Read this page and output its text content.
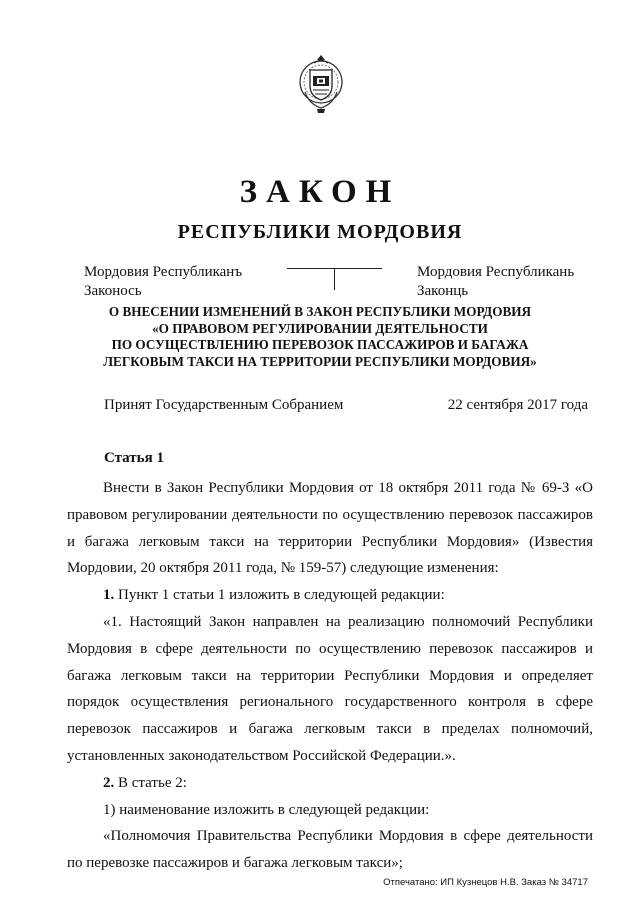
ЗАКОН
РЕСПУБЛИКИ МОРДОВИЯ
Мордовия Республиканъ
Законось
Мордовия Республикань
Законць
О ВНЕСЕНИИ ИЗМЕНЕНИЙ В ЗАКОН РЕСПУБЛИКИ МОРДОВИЯ
«О ПРАВОВОМ РЕГУЛИРОВАНИИ ДЕЯТЕЛЬНОСТИ
ПО ОСУЩЕСТВЛЕНИЮ ПЕРЕВОЗОК ПАССАЖИРОВ И БАГАЖА
ЛЕГКОВЫМ ТАКСИ НА ТЕРРИТОРИИ РЕСПУБЛИКИ МОРДОВИЯ»
Принят Государственным Собранием	22 сентября 2017 года
Статья 1

Внести в Закон Республики Мордовия от 18 октября 2011 года № 69-З «О правовом регулировании деятельности по осуществлению перевозок пассажиров и багажа легковым такси на территории Республики Мордовия» (Известия Мордовии, 20 октября 2011 года, № 159-57) следующие изменения:

1. Пункт 1 статьи 1 изложить в следующей редакции:

«1. Настоящий Закон направлен на реализацию полномочий Республики Мордовия в сфере деятельности по осуществлению перевозок пассажиров и багажа легковым такси на территории Республики Мордовия и определяет порядок осуществления регионального государственного контроля в сфере перевозок пассажиров и багажа легковым такси в пределах полномочий, установленных законодательством Российской Федерации.».

2. В статье 2:

1) наименование изложить в следующей редакции:

«Полномочия Правительства Республики Мордовия в сфере деятельности по перевозке пассажиров и багажа легковым такси»;

Отпечатано: ИП Кузнецов Н.В. Заказ № 34717
